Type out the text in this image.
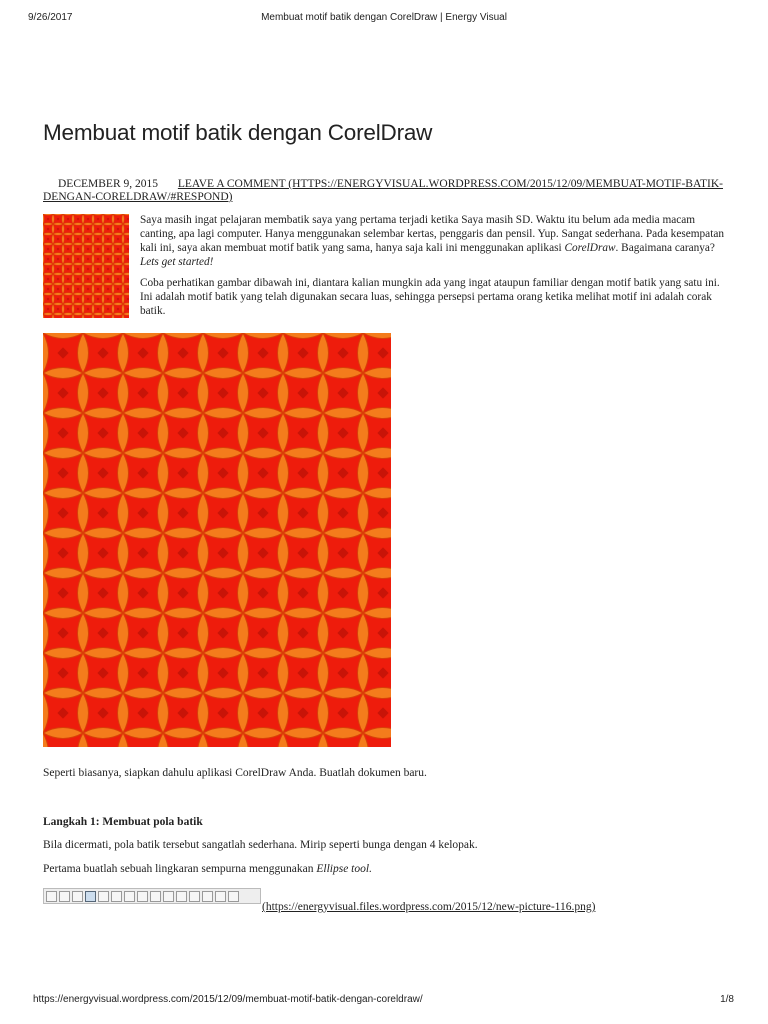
9/26/2017	Membuat motif batik dengan CorelDraw | Energy Visual
Membuat motif batik dengan CorelDraw
DECEMBER 9, 2015 LEAVE A COMMENT (HTTPS://ENERGYVISUAL.WORDPRESS.COM/2015/12/09/MEMBUAT-MOTIF-BATIK-DENGAN-CORELDRAW/#RESPOND)

Saya masih ingat pelajaran membatik saya yang pertama terjadi ketika Saya masih SD. Waktu itu belum ada media macam canting, apa lagi computer. Hanya menggunakan selembar kertas, penggaris dan pensil. Yup. Sangat sederhana. Pada kesempatan kali ini, saya akan membuat motif batik yang sama, hanya saja kali ini menggunakan aplikasi CorelDraw. Bagaimana caranya? Lets get started!

Coba perhatikan gambar dibawah ini, diantara kalian mungkin ada yang ingat ataupun familiar dengan motif batik yang satu ini. Ini adalah motif batik yang telah digunakan secara luas, sehingga persepsi pertama orang ketika melihat motif ini adalah corak batik.

Seperti biasanya, siapkan dahulu aplikasi CorelDraw Anda. Buatlah dokumen baru.
Langkah 1: Membuat pola batik
Bila dicermati, pola batik tersebut sangatlah sederhana. Mirip seperti bunga dengan 4 kelopak.
Pertama buatlah sebuah lingkaran sempurna menggunakan Ellipse tool.
(https://energyvisual.files.wordpress.com/2015/12/new-picture-116.png)
https://energyvisual.wordpress.com/2015/12/09/membuat-motif-batik-dengan-coreldraw/	1/8
